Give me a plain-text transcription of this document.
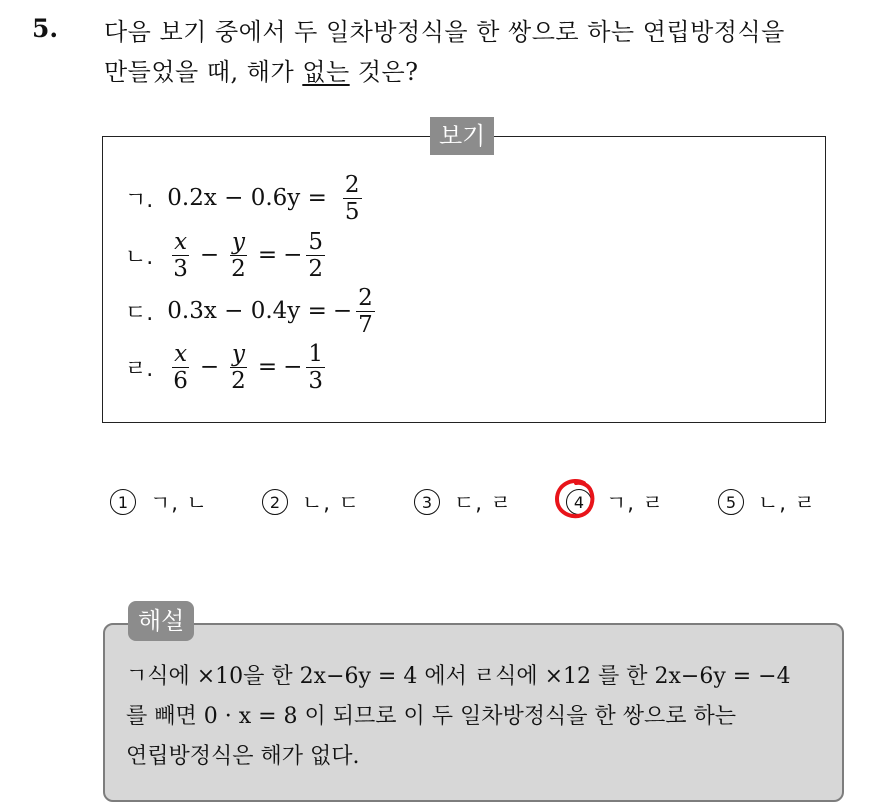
5. 다음 보기 중에서 두 일차방정식을 한 쌍으로 하는 연립방정식을
만들었을 때, 해가 없는 것은?
보기
ㄱ. $0.2x - 0.6y = \frac{2}{5}$
ㄴ. $\frac{x}{3} - \frac{y}{2}$ = − $\frac{5}{2}$
ㄷ. 0.3x − 0.4y = − $\frac{2}{7}$
ㄹ. $\frac{x}{6} - \frac{y}{2}$ = − $\frac{1}{3}$
1	ㄱ, ㄴ	2	ㄴ, ㄷ	3	ㄷ, ㄹ	4	ㄱ, ㄹ	5	ㄴ, ㄹ
해설
ㄱ식에 ×10을 한 2x−6y = 4 에서 ㄹ식에 ×12 를 한 2x−6y = −4
를 빼면 0 · x = 8 이 되므로 이 두 일차방정식을 한 쌍으로 하는
연립방정식은 해가 없다.
